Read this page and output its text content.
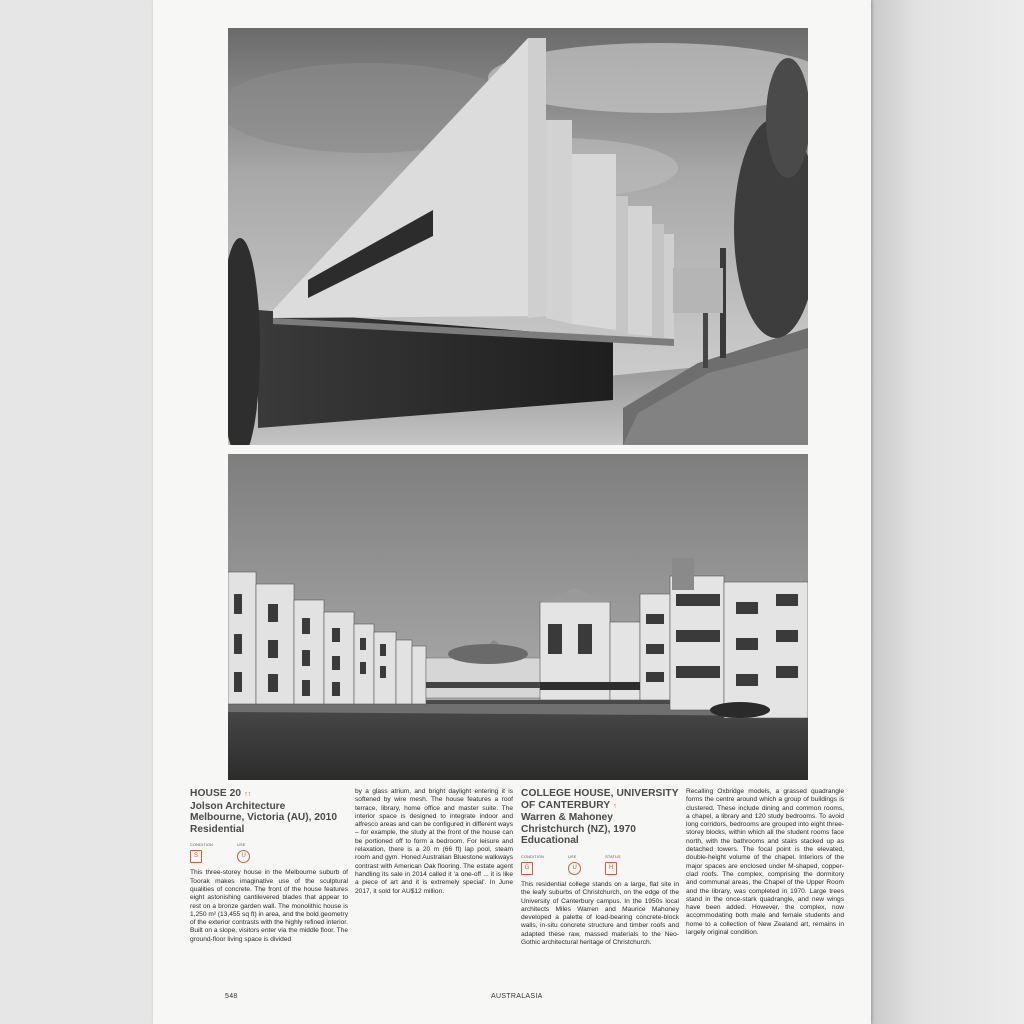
HOUSE 20 ↑↑
Jolson Architecture
Melbourne, Victoria (AU), 2010
Residential
CONDITION
S
USE
U

This three-storey house in the Melbourne suburb of Toorak makes imaginative use of the sculptural qualities of concrete. The front of the house features eight astonishing cantilevered blades that appear to rest on a bronze garden wall. The monolithic house is 1,250 m² (13,455 sq ft) in area, and the bold geometry of the exterior contrasts with the highly refined interior.

Built on a slope, visitors enter via the middle floor. The ground-floor living space is divided

by a glass atrium, and bright daylight entering it is softened by wire mesh. The house features a roof terrace, library, home office and master suite. The interior space is designed to integrate indoor and alfresco areas and can be configured in different ways – for example, the study at the front of the house can be portioned off to form a bedroom. For leisure and relaxation, there is a 20 m (66 ft) lap pool, steam room and gym. Honed Australian Bluestone walkways contrast with American Oak flooring. The estate agent handling its sale in 2014 called it 'a one-off ... it is like a piece of art and it is extremely special'. In June 2017, it sold for AU$12 million.

COLLEGE HOUSE, UNIVERSITY OF CANTERBURY ↑
Warren & Mahoney
Christchurch (NZ), 1970
Educational
CONDITION
G
USE
U
STATUS
H

This residential college stands on a large, flat site in the leafy suburbs of Christchurch, on the edge of the University of Canterbury campus. In the 1950s local architects Miles Warren and Maurice Mahoney developed a palette of load-bearing concrete-block walls, in-situ concrete structure and timber roofs and adapted these raw, massed materials to the Neo-Gothic architectural heritage of Christchurch.

Recalling Oxbridge models, a grassed quadrangle forms the centre around which a group of buildings is clustered. These include dining and common rooms, a chapel, a library and 120 study bedrooms. To avoid long corridors, bedrooms are grouped into eight three-storey blocks, within which all the student rooms face north, with the bathrooms and stairs stacked up as detached towers. The focal point is the elevated, double-height volume of the chapel. Interiors of the major spaces are enclosed under M-shaped, copper-clad roofs. The complex, comprising the dormitory and communal areas, the Chapel of the Upper Room and the library, was completed in 1970. Large trees stand in the once-stark quadrangle, and new wings have been added. However, the complex, now accommodating both male and female students and home to a collection of New Zealand art, remains in largely original condition.

548	AUSTRALASIA
